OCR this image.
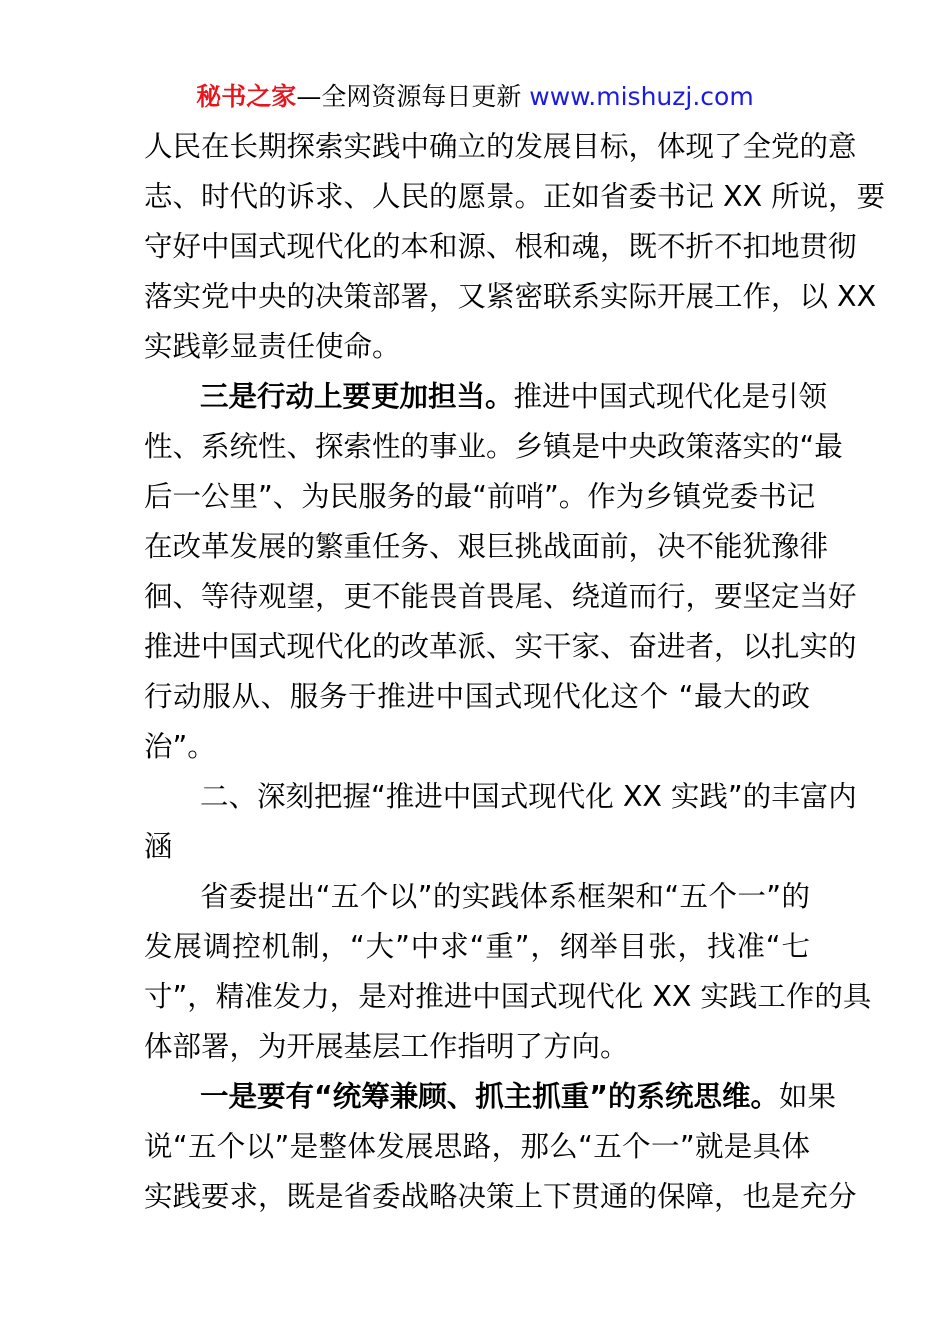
秘书之家—全网资源每日更新 www.mishuzj.com
人民在长期探索实践中确立的发展目标，体现了全党的意
志、时代的诉求、人民的愿景。正如省委书记 XX 所说，要
守好中国式现代化的本和源、根和魂，既不折不扣地贯彻
落实党中央的决策部署，又紧密联系实际开展工作，以 XX
实践彰显责任使命。
三是行动上要更加担当。推进中国式现代化是引领
性、系统性、探索性的事业。乡镇是中央政策落实的“最
后一公里”、为民服务的最“前哨”。作为乡镇党委书记
在改革发展的繁重任务、艰巨挑战面前，决不能犹豫徘
徊、等待观望，更不能畏首畏尾、绕道而行，要坚定当好
推进中国式现代化的改革派、实干家、奋进者，以扎实的
行动服从、服务于推进中国式现代化这个 “最大的政
治”。
二、深刻把握“推进中国式现代化 XX 实践”的丰富内
涵
省委提出“五个以”的实践体系框架和“五个一”的
发展调控机制，“大”中求“重”，纲举目张，找准“七
寸”，精准发力，是对推进中国式现代化 XX 实践工作的具
体部署，为开展基层工作指明了方向。
一是要有“统筹兼顾、抓主抓重”的系统思维。如果
说“五个以”是整体发展思路，那么“五个一”就是具体
实践要求，既是省委战略决策上下贯通的保障，也是充分
